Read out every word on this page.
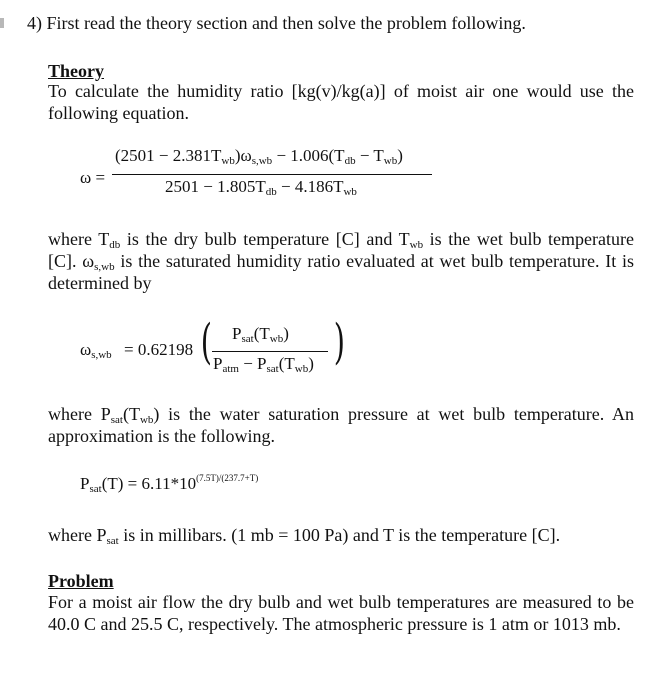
4) First read the theory section and then solve the problem following.
Theory
To calculate the humidity ratio [kg(v)/kg(a)] of moist air one would use the following equation.
ω =
$(2501 - 2.381T_{wb})\omega_{s,wb} - 1.006(T_{db} - T_{wb})$
$2501 - 1.805T_{db} - 4.186T_{wb}$
where $T_{db}$ is the dry bulb temperature [C] and $T_{wb}$ is the wet bulb temperature [C]. $\omega_{s,wb}$ is the saturated humidity ratio evaluated at wet bulb temperature. It is determined by
$\omega_{s,wb} = 0.62198$ ( $P_{sat}(T_{wb})$
$P_{atm} - P_{sat}(T_{wb})$ )
where $P_{sat}(T_{wb})$ is the water saturation pressure at wet bulb temperature. An approximation is the following.
$P_{sat}(T) = 6.11*10^{(7.5T)/(237.7+T)}$
where $P_{sat}$ is in millibars. (1 mb = 100 Pa) and T is the temperature [C].
Problem
For a moist air flow the dry bulb and wet bulb temperatures are measured to be 40.0 C and 25.5 C, respectively. The atmospheric pressure is 1 atm or 1013 mb.
